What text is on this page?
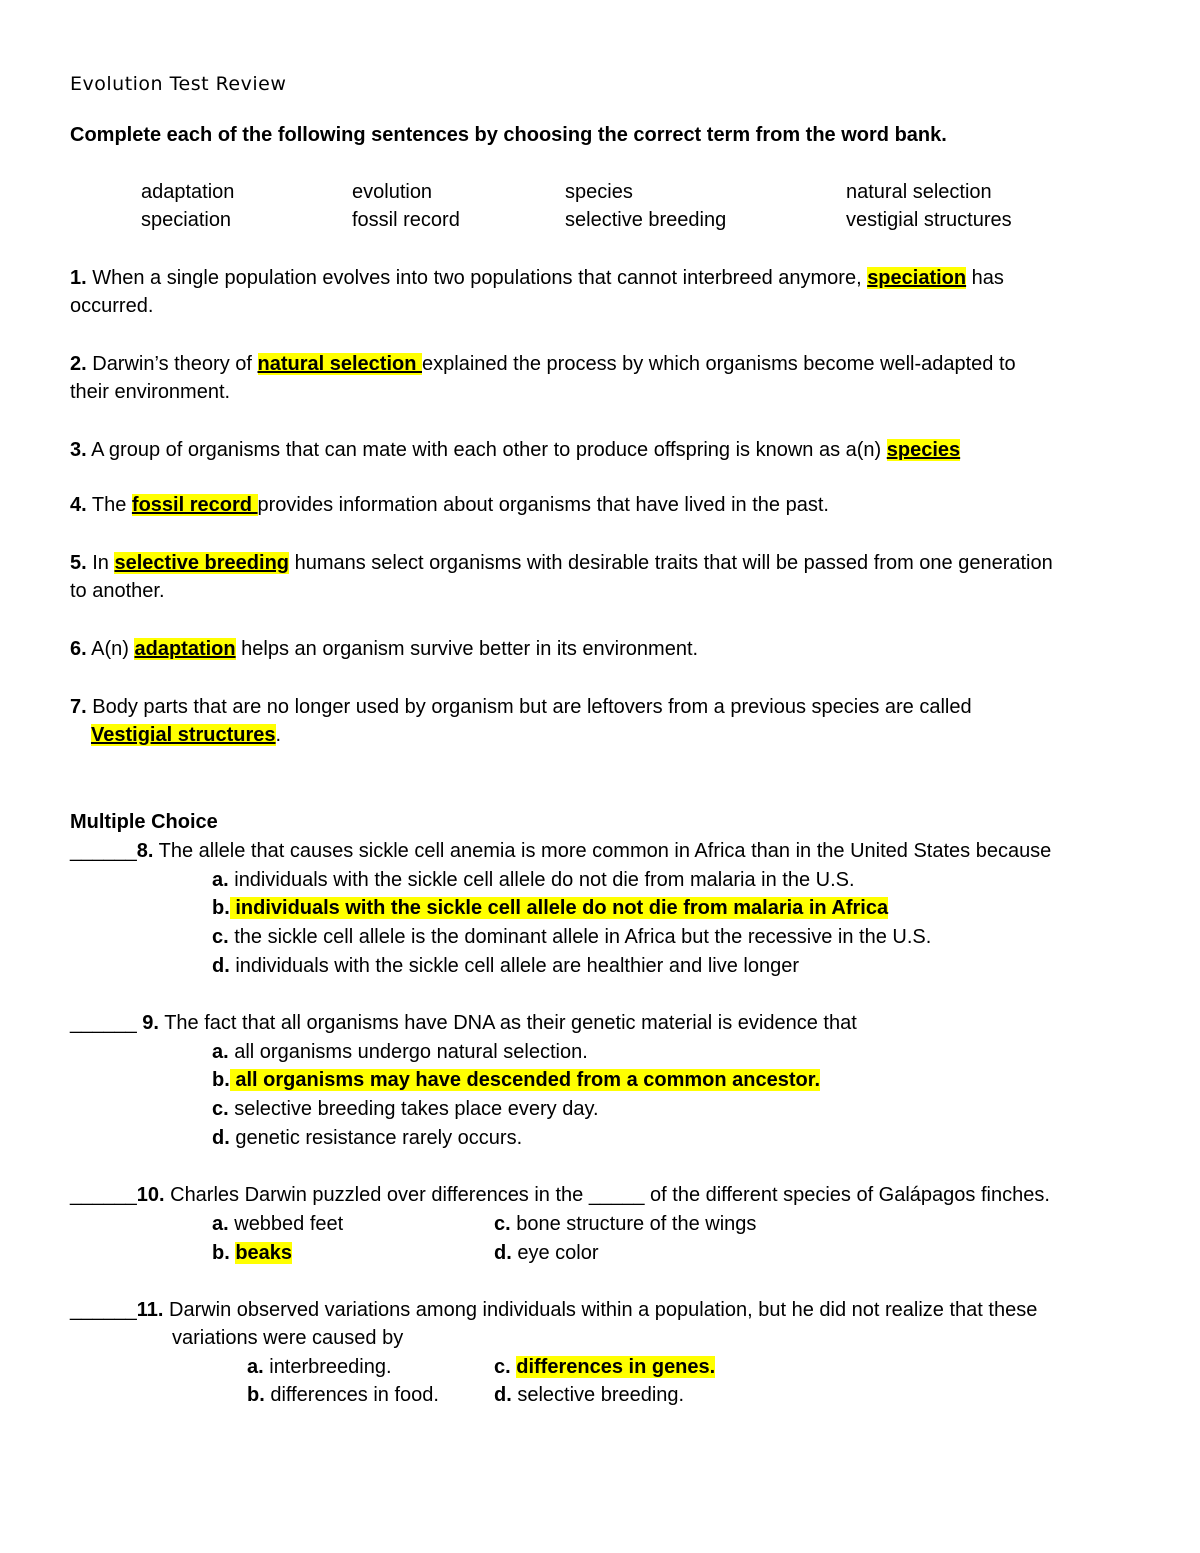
Evolution Test Review
Complete each of the following sentences by choosing the correct term from the word bank.
adaptation	evolution	species	natural selection
speciation	fossil record	selective breeding	vestigial structures
1. When a single population evolves into two populations that cannot interbreed anymore, speciation has
occurred.
2. Darwin’s theory of natural selection explained the process by which organisms become well-adapted to
their environment.
3. A group of organisms that can mate with each other to produce offspring is known as a(n) species
4. The fossil record provides information about organisms that have lived in the past.
5. In selective breeding humans select organisms with desirable traits that will be passed from one generation
to another.
6. A(n) adaptation helps an organism survive better in its environment.
7. Body parts that are no longer used by organism but are leftovers from a previous species are called
Vestigial structures.
Multiple Choice
______8. The allele that causes sickle cell anemia is more common in Africa than in the United States because
a. individuals with the sickle cell allele do not die from malaria in the U.S.
b. individuals with the sickle cell allele do not die from malaria in Africa
c. the sickle cell allele is the dominant allele in Africa but the recessive in the U.S.
d. individuals with the sickle cell allele are healthier and live longer
______ 9. The fact that all organisms have DNA as their genetic material is evidence that
a. all organisms undergo natural selection.
b. all organisms may have descended from a common ancestor.
c. selective breeding takes place every day.
d. genetic resistance rarely occurs.
______10. Charles Darwin puzzled over differences in the _____ of the different species of Galápagos finches.
a. webbed feet	c. bone structure of the wings
b. beaks	d. eye color
______11. Darwin observed variations among individuals within a population, but he did not realize that these
variations were caused by
a. interbreeding.	c. differences in genes.
b. differences in food.	d. selective breeding.
